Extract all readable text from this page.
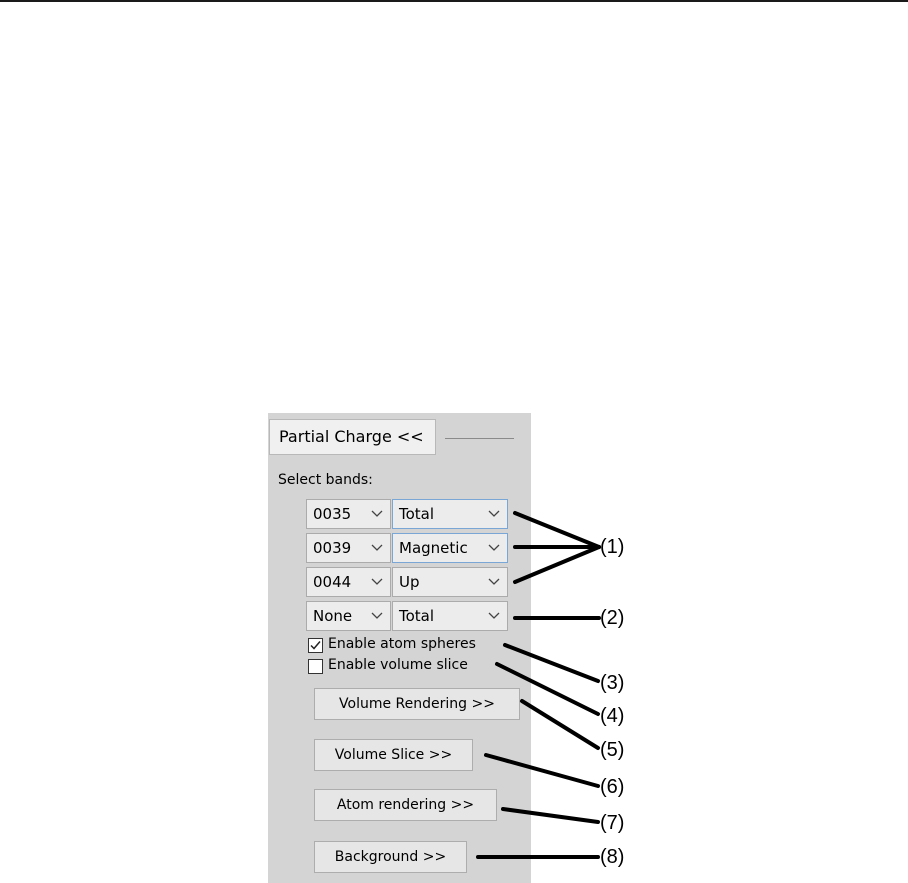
Partial Charge <<
Select bands:
0035	Total
0039	Magnetic
0044	Up
None	Total
Enable atom spheres
Enable volume slice
Volume Rendering >>
Volume Slice >>
Atom rendering >>
Background >>
(1)
(2)
(3)
(4)
(5)
(6)
(7)
(8)
